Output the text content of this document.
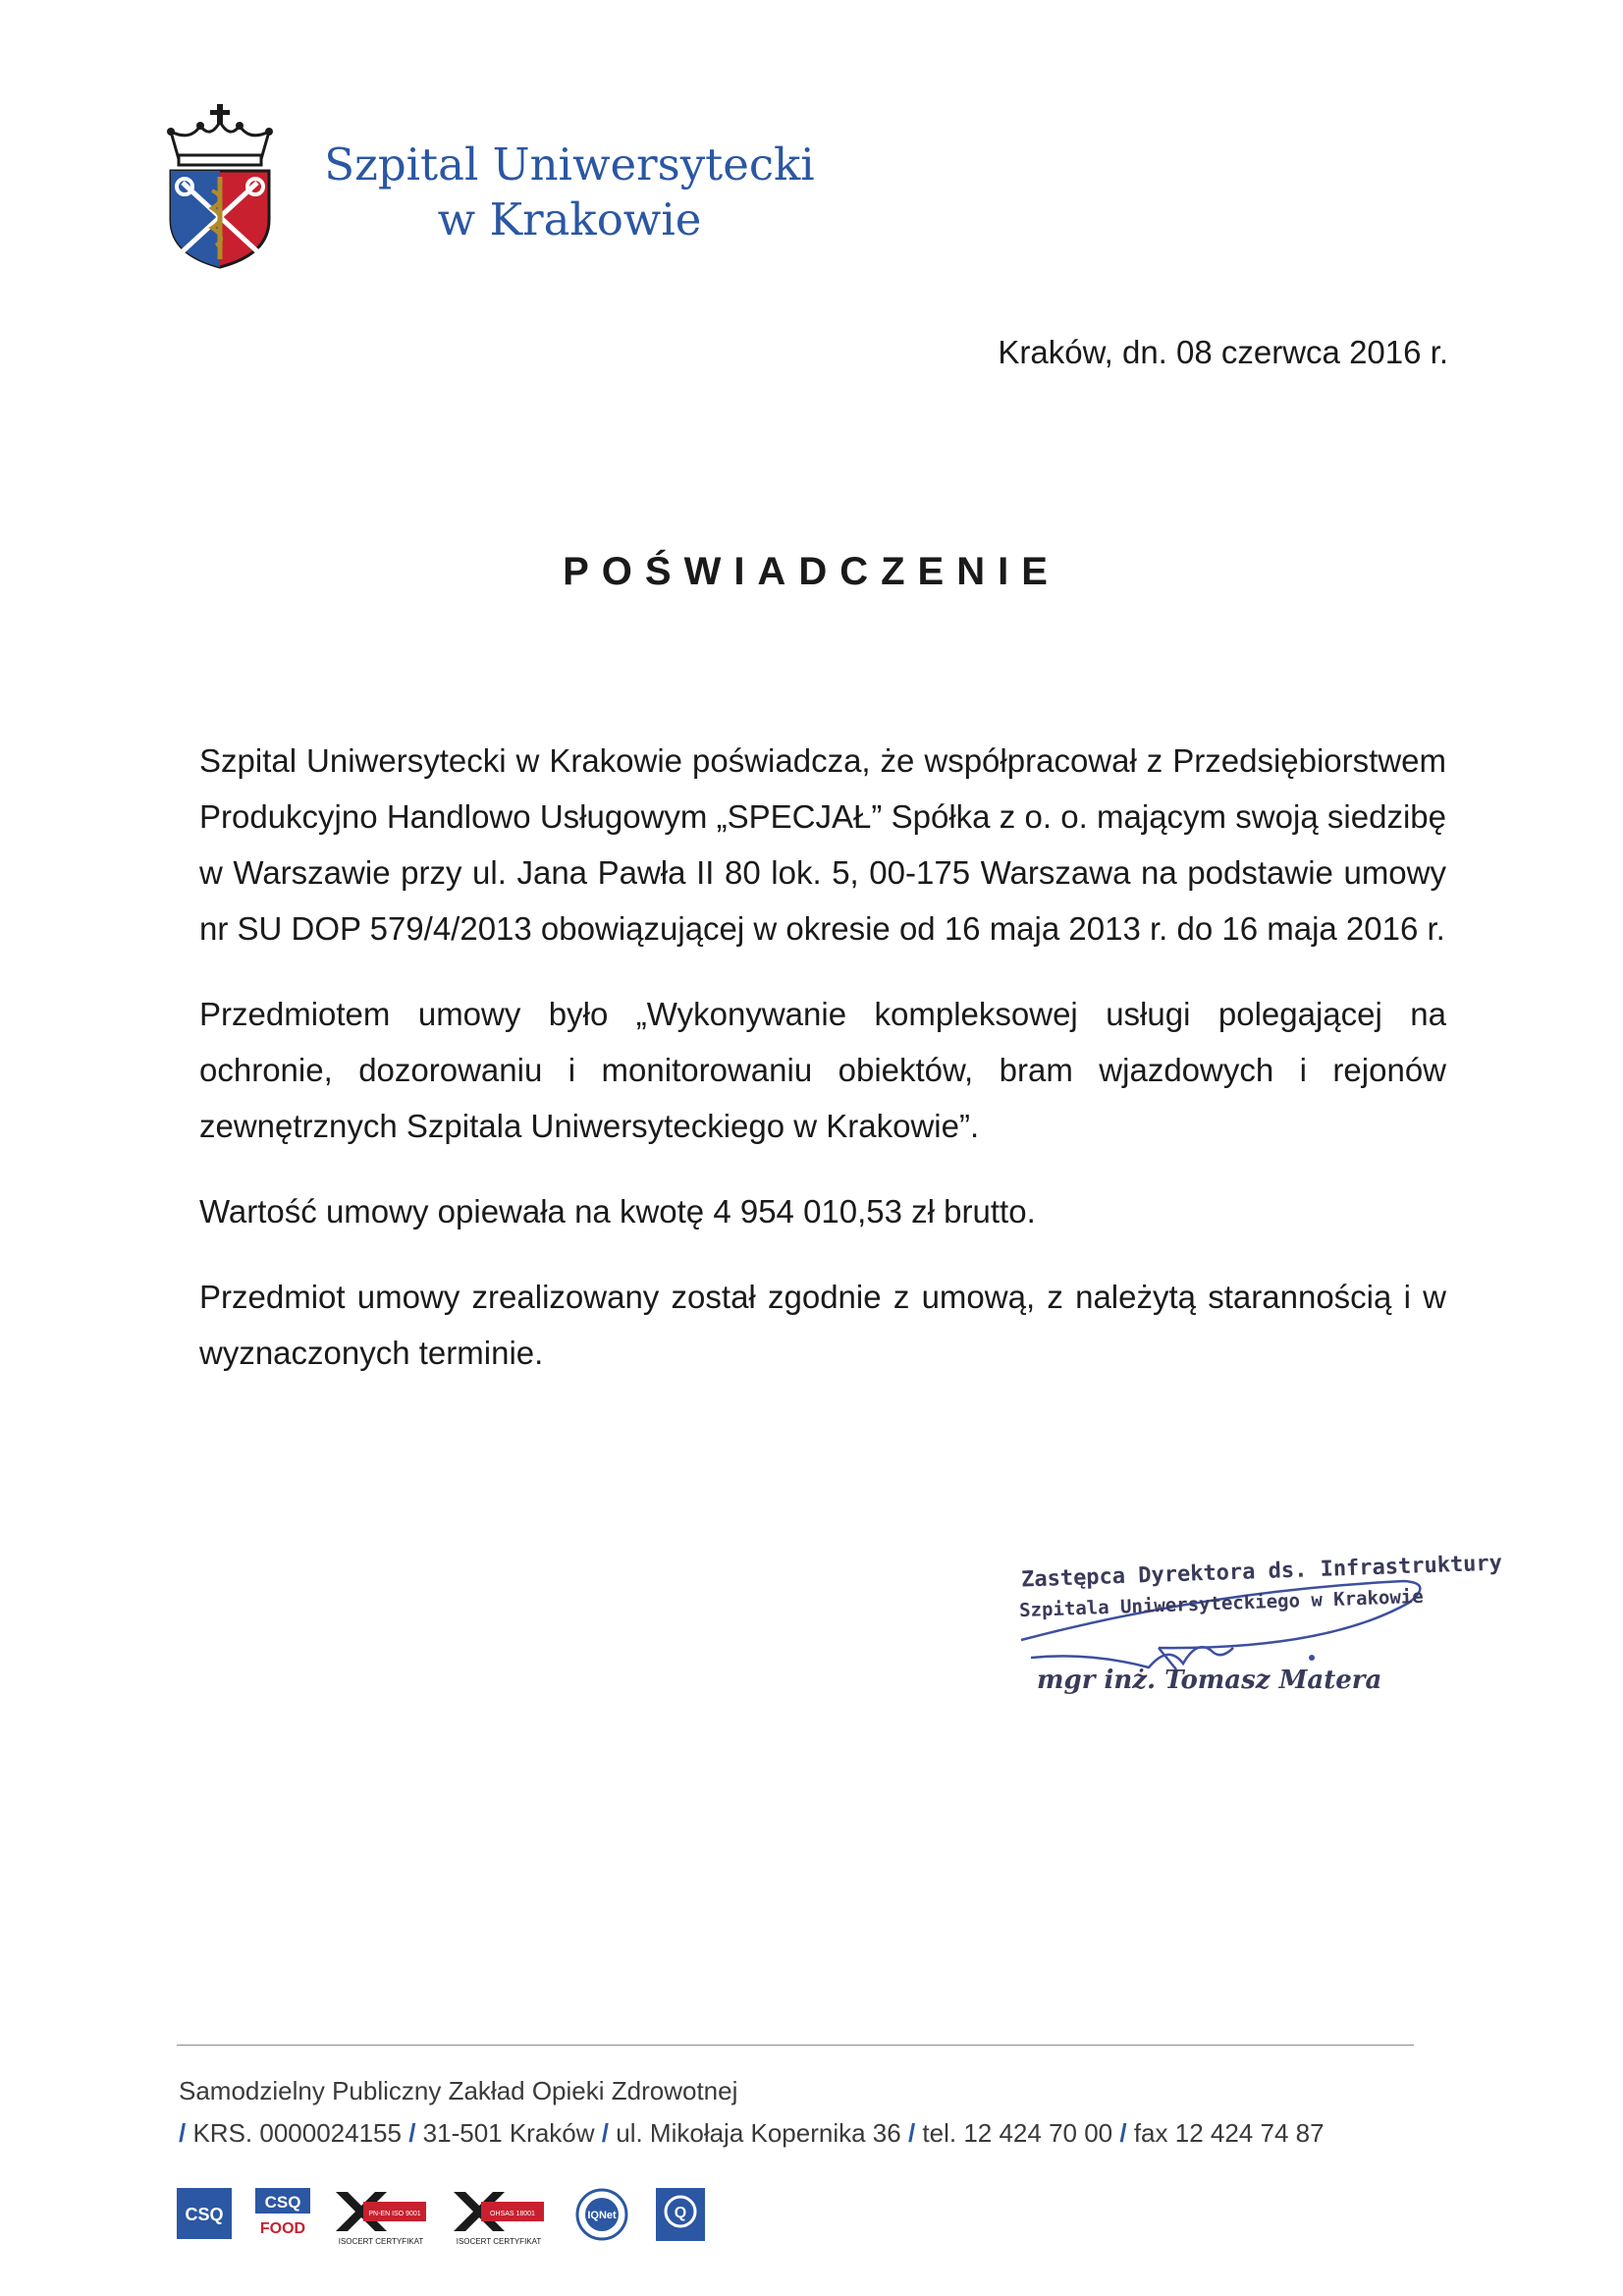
Szpital Uniwersytecki
w Krakowie
Kraków, dn. 08 czerwca 2016 r.
POŚWIADCZENIE

Szpital Uniwersytecki w Krakowie poświadcza, że współpracował z Przedsiębiorstwem Produkcyjno Handlowo Usługowym „SPECJAŁ” Spółka z o. o. mającym swoją siedzibę w Warszawie przy ul. Jana Pawła II 80 lok. 5, 00-175 Warszawa na podstawie umowy nr SU DOP 579/4/2013 obowiązującej w okresie od 16 maja 2013 r. do 16 maja 2016 r.

Przedmiotem umowy było „Wykonywanie kompleksowej usługi polegającej na ochronie, dozorowaniu i monitorowaniu obiektów, bram wjazdowych i rejonów zewnętrznych Szpitala Uniwersyteckiego w Krakowie”.

Wartość umowy opiewała na kwotę 4 954 010,53 zł brutto.

Przedmiot umowy zrealizowany został zgodnie z umową, z należytą starannością i w wyznaczonych terminie.

Zastępca Dyrektora ds. Infrastruktury
Szpitala Uniwersyteckiego w Krakowie
mgr inż. Tomasz Matera
Samodzielny Publiczny Zakład Opieki Zdrowotnej
/ KRS. 0000024155 / 31-501 Kraków / ul. Mikołaja Kopernika 36 / tel. 12 424 70 00 / fax 12 424 74 87
CSQ
CSQ
FOOD
PN-EN ISO 9001
ISOCERT CERTYFIKAT
OHSAS 18001
ISOCERT CERTYFIKAT
IQNet	Q
